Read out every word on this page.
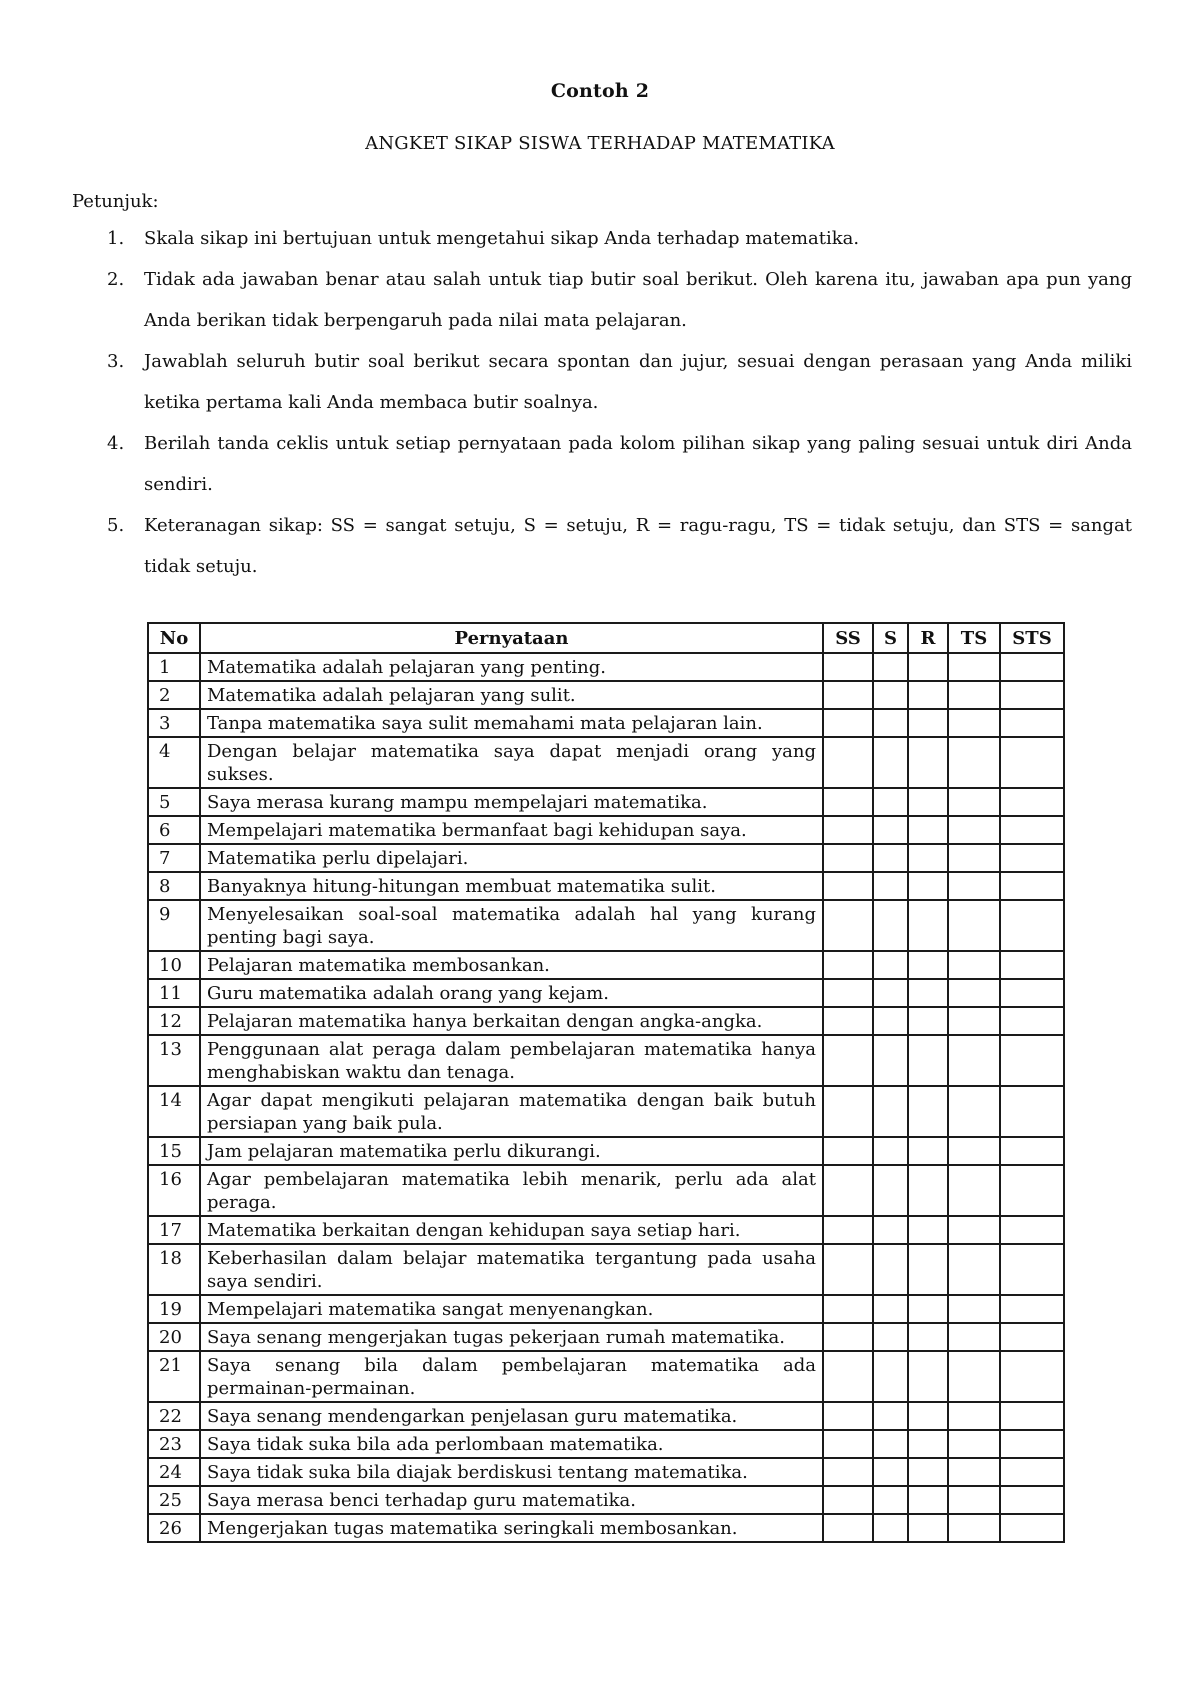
Contoh 2
ANGKET SIKAP SISWA TERHADAP MATEMATIKA
Petunjuk:
1. Skala sikap ini bertujuan untuk mengetahui sikap Anda terhadap matematika.
2. Tidak ada jawaban benar atau salah untuk tiap butir soal berikut. Oleh karena itu, jawaban apa pun yang Anda berikan tidak berpengaruh pada nilai mata pelajaran.
3. Jawablah seluruh butir soal berikut secara spontan dan jujur, sesuai dengan perasaan yang Anda miliki ketika pertama kali Anda membaca butir soalnya.
4. Berilah tanda ceklis untuk setiap pernyataan pada kolom pilihan sikap yang paling sesuai untuk diri Anda sendiri.
5. Keteranagan sikap: SS = sangat setuju, S = setuju, R = ragu-ragu, TS = tidak setuju, dan STS = sangat tidak setuju.
No	Pernyataan	SS	S	R	TS	STS
1	Matematika adalah pelajaran yang penting.					
2	Matematika adalah pelajaran yang sulit.					
3	Tanpa matematika saya sulit memahami mata pelajaran lain.					
4	Dengan belajar matematika saya dapat menjadi orang yang sukses.					
5	Saya merasa kurang mampu mempelajari matematika.					
6	Mempelajari matematika bermanfaat bagi kehidupan saya.					
7	Matematika perlu dipelajari.					
8	Banyaknya hitung-hitungan membuat matematika sulit.					
9	Menyelesaikan soal-soal matematika adalah hal yang kurang penting bagi saya.					
10	Pelajaran matematika membosankan.					
11	Guru matematika adalah orang yang kejam.					
12	Pelajaran matematika hanya berkaitan dengan angka-angka.					
13	Penggunaan alat peraga dalam pembelajaran matematika hanya menghabiskan waktu dan tenaga.					
14	Agar dapat mengikuti pelajaran matematika dengan baik butuh persiapan yang baik pula.					
15	Jam pelajaran matematika perlu dikurangi.					
16	Agar pembelajaran matematika lebih menarik, perlu ada alat peraga.					
17	Matematika berkaitan dengan kehidupan saya setiap hari.					
18	Keberhasilan dalam belajar matematika tergantung pada usaha saya sendiri.					
19	Mempelajari matematika sangat menyenangkan.					
20	Saya senang mengerjakan tugas pekerjaan rumah matematika.					
21	Saya senang bila dalam pembelajaran matematika ada permainan-permainan.					
22	Saya senang mendengarkan penjelasan guru matematika.					
23	Saya tidak suka bila ada perlombaan matematika.					
24	Saya tidak suka bila diajak berdiskusi tentang matematika.					
25	Saya merasa benci terhadap guru matematika.					
26	Mengerjakan tugas matematika seringkali membosankan.					
